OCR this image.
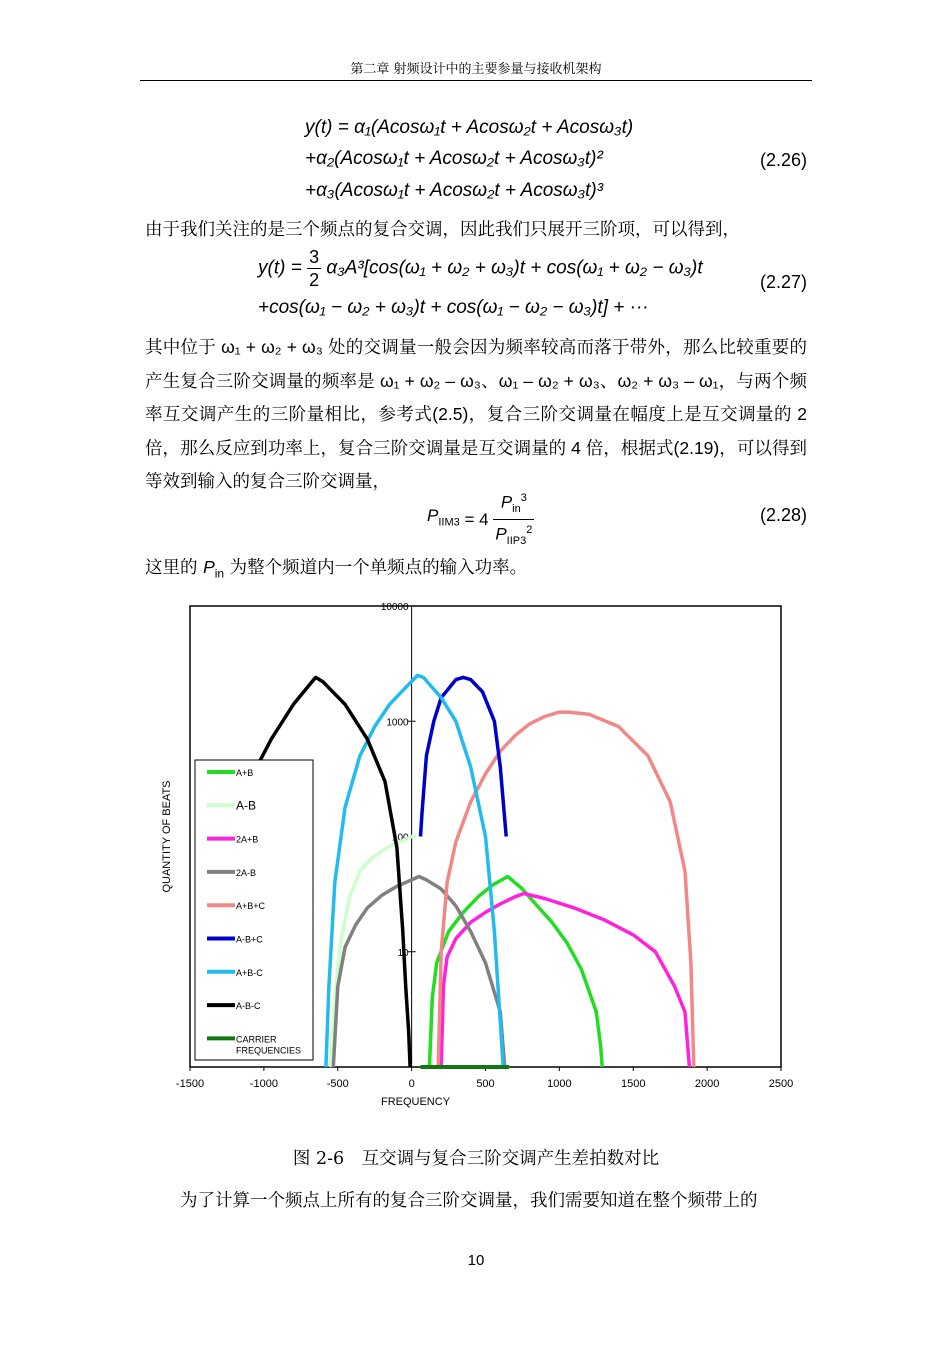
第二章 射频设计中的主要参量与接收机架构
y(t) = α₁(Acosω₁t + Acosω₂t + Acosω₃t)
+α₂(Acosω₁t + Acosω₂t + Acosω₃t)²
+α₃(Acosω₁t + Acosω₂t + Acosω₃t)³
(2.26)
由于我们关注的是三个频点的复合交调，因此我们只展开三阶项，可以得到，
$y(t) = \frac{3}{2} \alpha_3A^3[\cos(\omega_1 + \omega_2 + \omega_3)t + \cos(\omega_1 + \omega_2 - \omega_3)t$
+cos(ω₁ − ω₂ + ω₃)t + cos(ω₁ − ω₂ − ω₃)t] + ···
(2.27)
其中位于 ω₁ + ω₂ + ω₃ 处的交调量一般会因为频率较高而落于带外，那么比较重要的产生复合三阶交调量的频率是 ω₁ + ω₂ – ω₃、ω₁ – ω₂ + ω₃、ω₂ + ω₃ – ω₁，与两个频率互交调产生的三阶量相比，参考式(2.5)，复合三阶交调量在幅度上是互交调量的 2 倍，那么反应到功率上，复合三阶交调量是互交调量的 4 倍，根据式(2.19)，可以得到等效到输入的复合三阶交调量，
$P_{IIM3} = 4 \frac{P_{in}^3}{P_{IIP3}^2}$	(2.28)
这里的 $P_{in}$ 为整个频道内一个单频点的输入功率。
10
100
1000
10000
-1500	-1000	-500	0	500	1000	1500	2000	2500
FREQUENCY
QUANTITY OF BEATS
A+B
A-B
2A+B
2A-B
A+B+C
A-B+C
A+B-C
A-B-C
CARRIER
FREQUENCIES
图 2-6　互交调与复合三阶交调产生差拍数对比
为了计算一个频点上所有的复合三阶交调量，我们需要知道在整个频带上的
10
